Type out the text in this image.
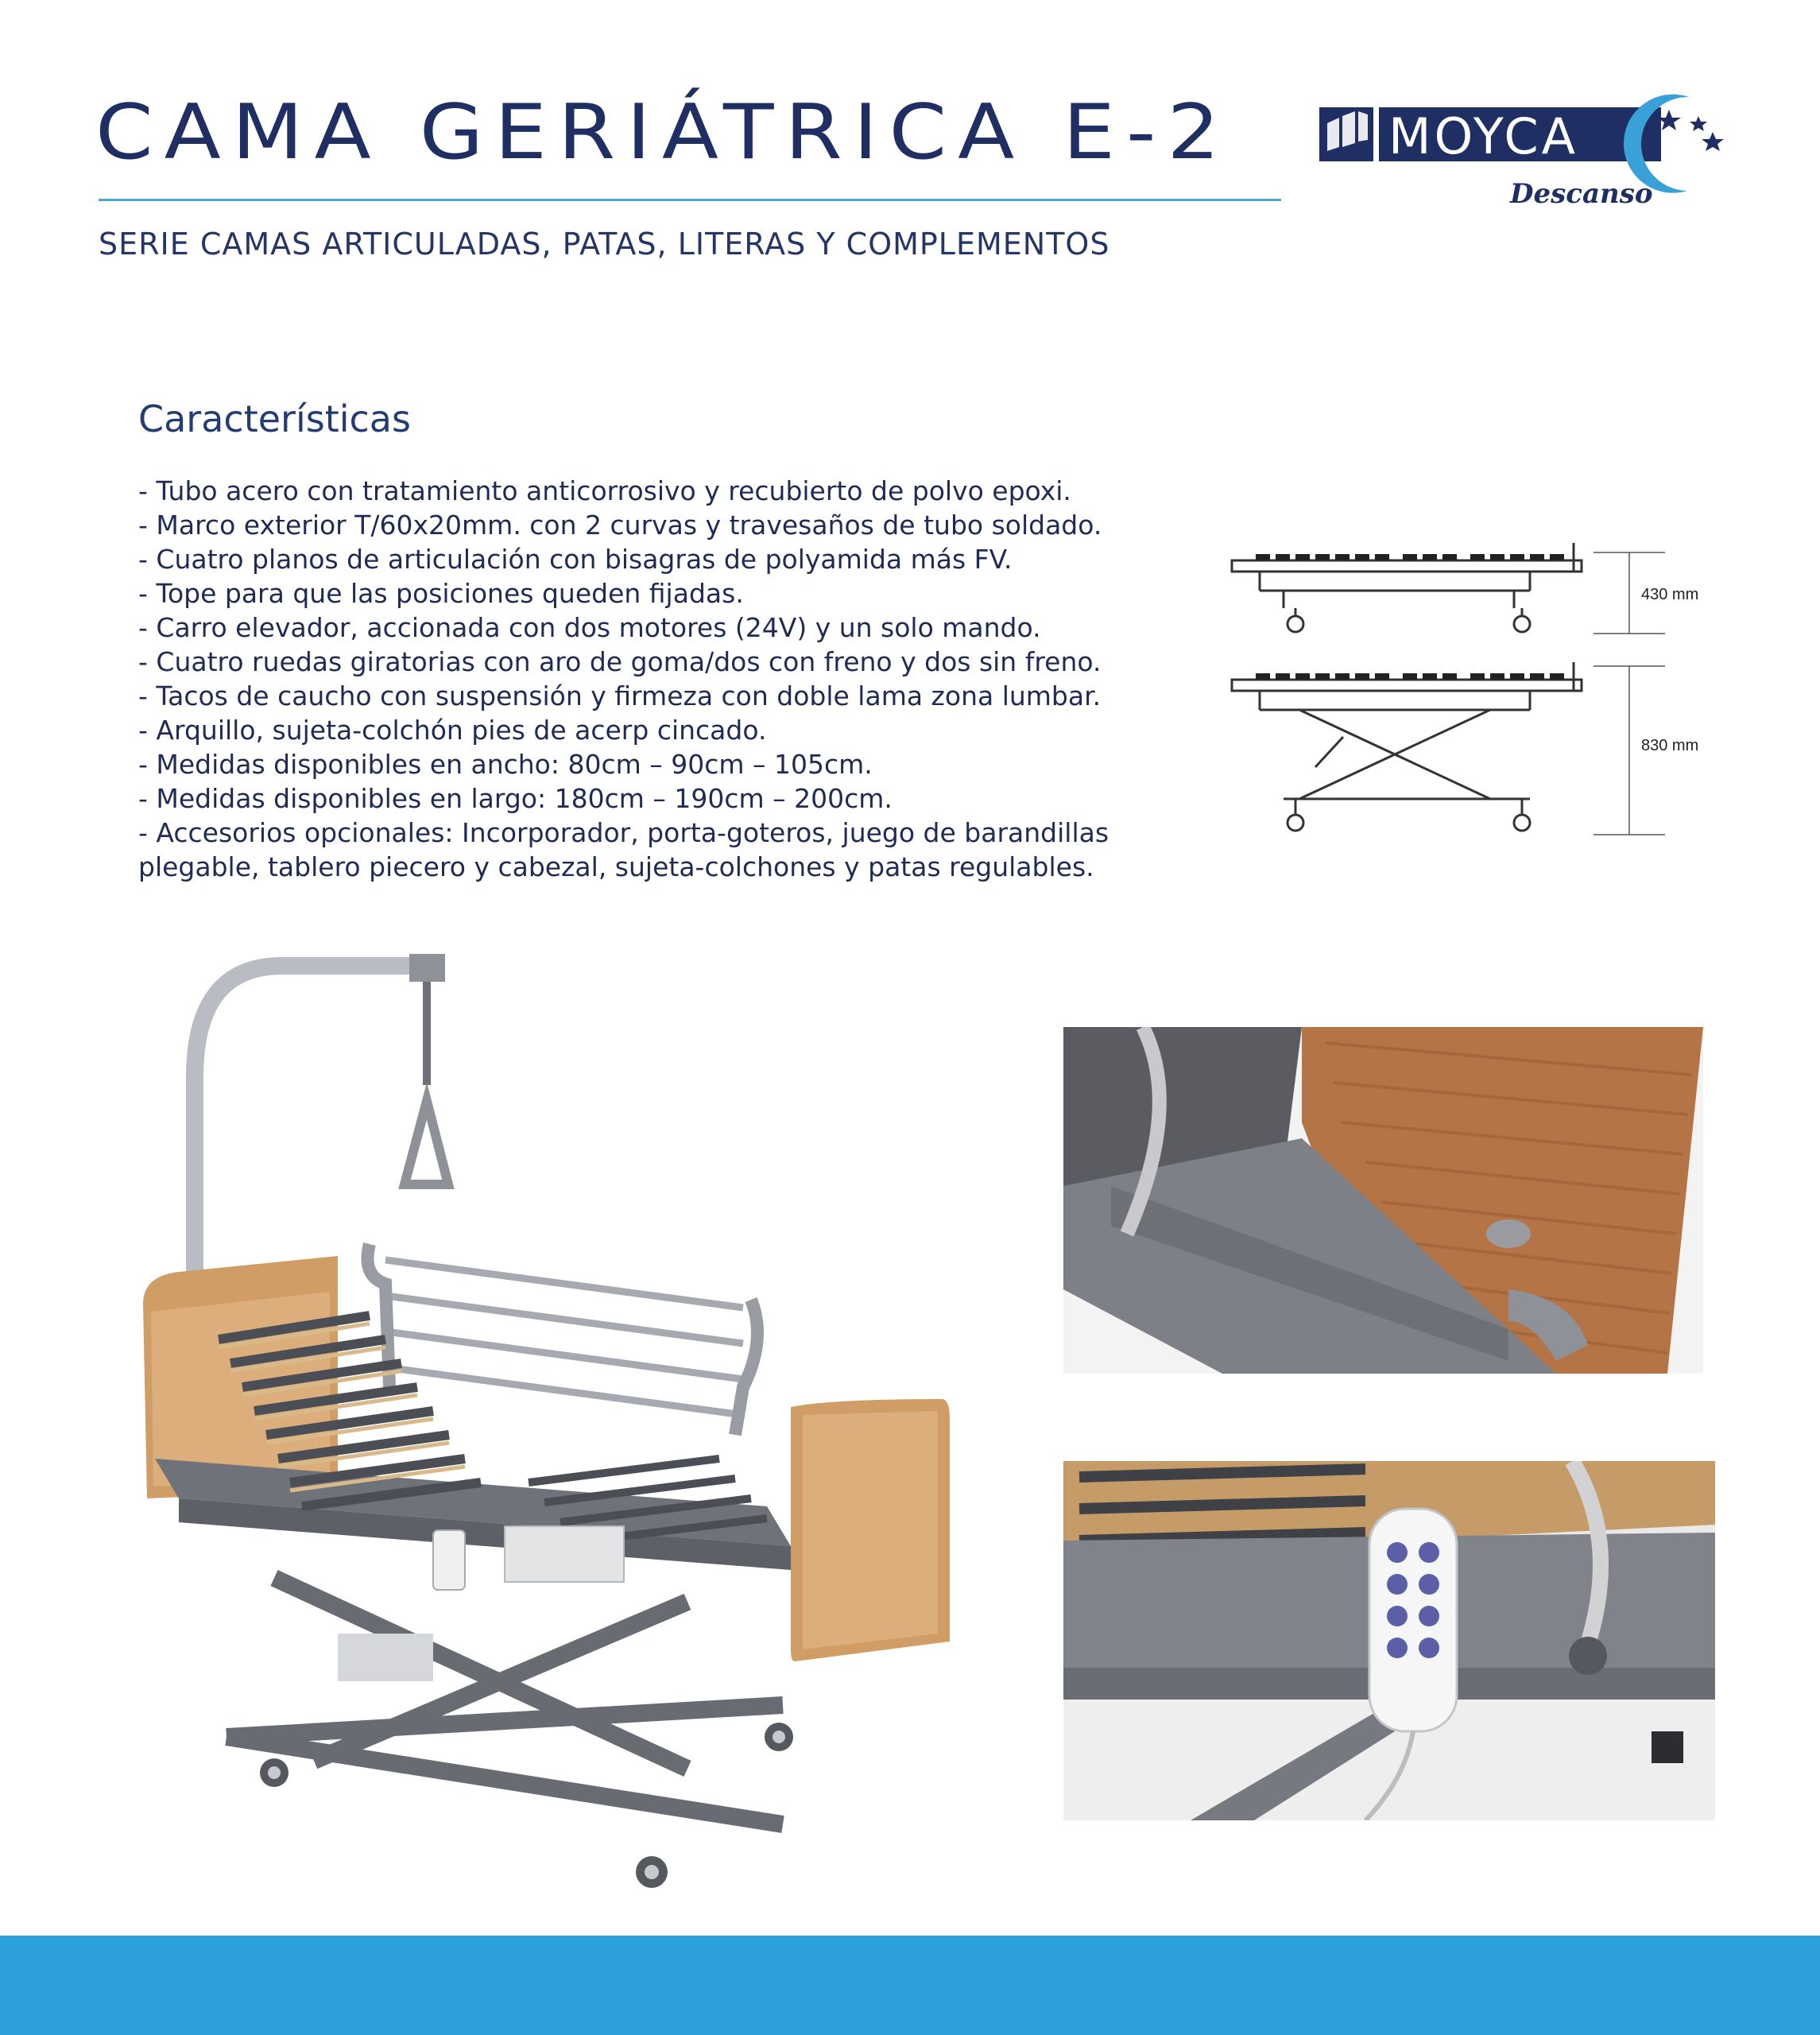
CAMA GERIÁTRICA E-2
SERIE CAMAS ARTICULADAS, PATAS, LITERAS Y COMPLEMENTOS
MOYCA
Descanso
Características
- Tubo acero con tratamiento anticorrosivo y recubierto de polvo epoxi.
- Marco exterior T/60x20mm. con 2 curvas y travesaños de tubo soldado.
- Cuatro planos de articulación con bisagras de polyamida más FV.
- Tope para que las posiciones queden fijadas.
- Carro elevador, accionada con dos motores (24V) y un solo mando.
- Cuatro ruedas giratorias con aro de goma/dos con freno y dos sin freno.
- Tacos de caucho con suspensión y firmeza con doble lama zona lumbar.
- Arquillo, sujeta-colchón pies de acerp cincado.
- Medidas disponibles en ancho: 80cm – 90cm – 105cm.
- Medidas disponibles en largo: 180cm – 190cm – 200cm.
- Accesorios opcionales: Incorporador, porta-goteros, juego de barandillas
plegable, tablero piecero y cabezal, sujeta-colchones y patas regulables.
430 mm
830 mm
